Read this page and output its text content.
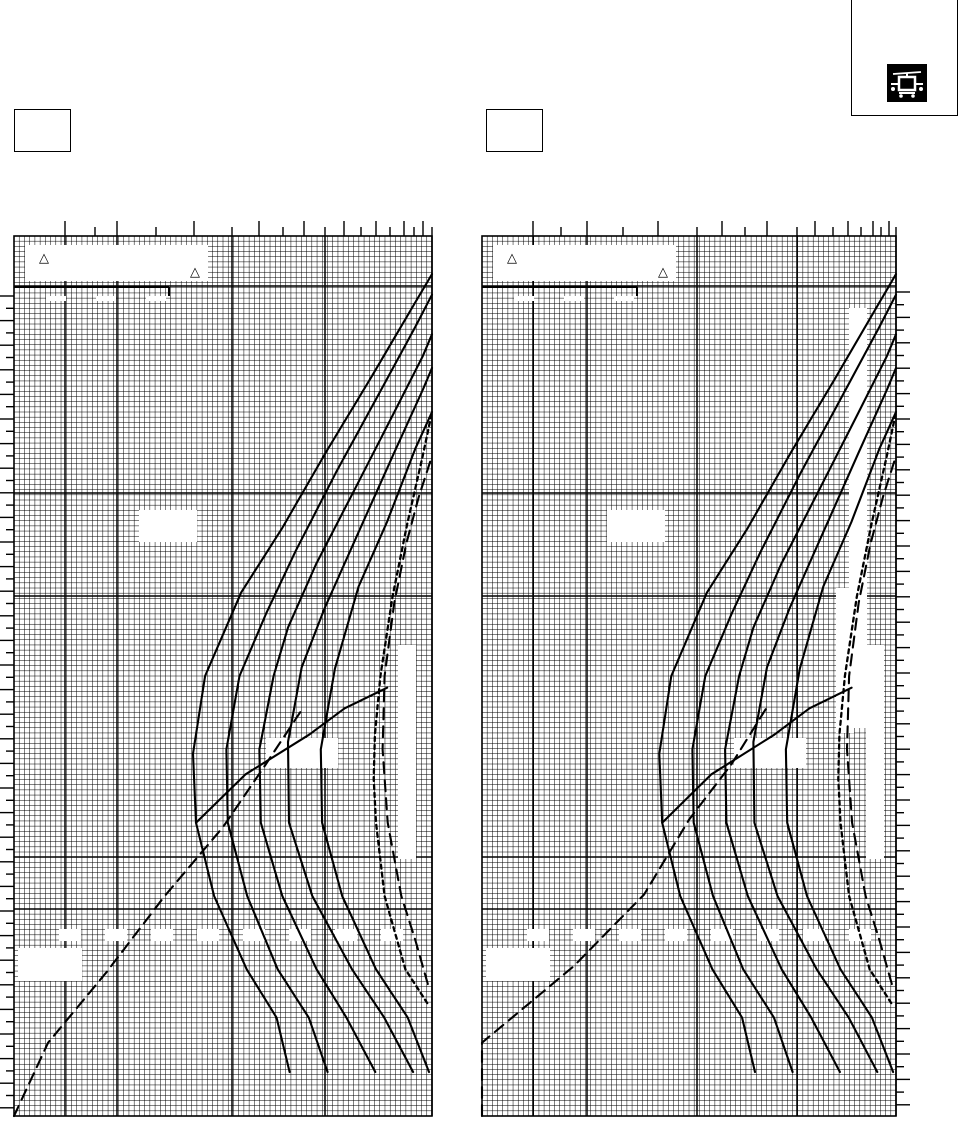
△
△
△
△
